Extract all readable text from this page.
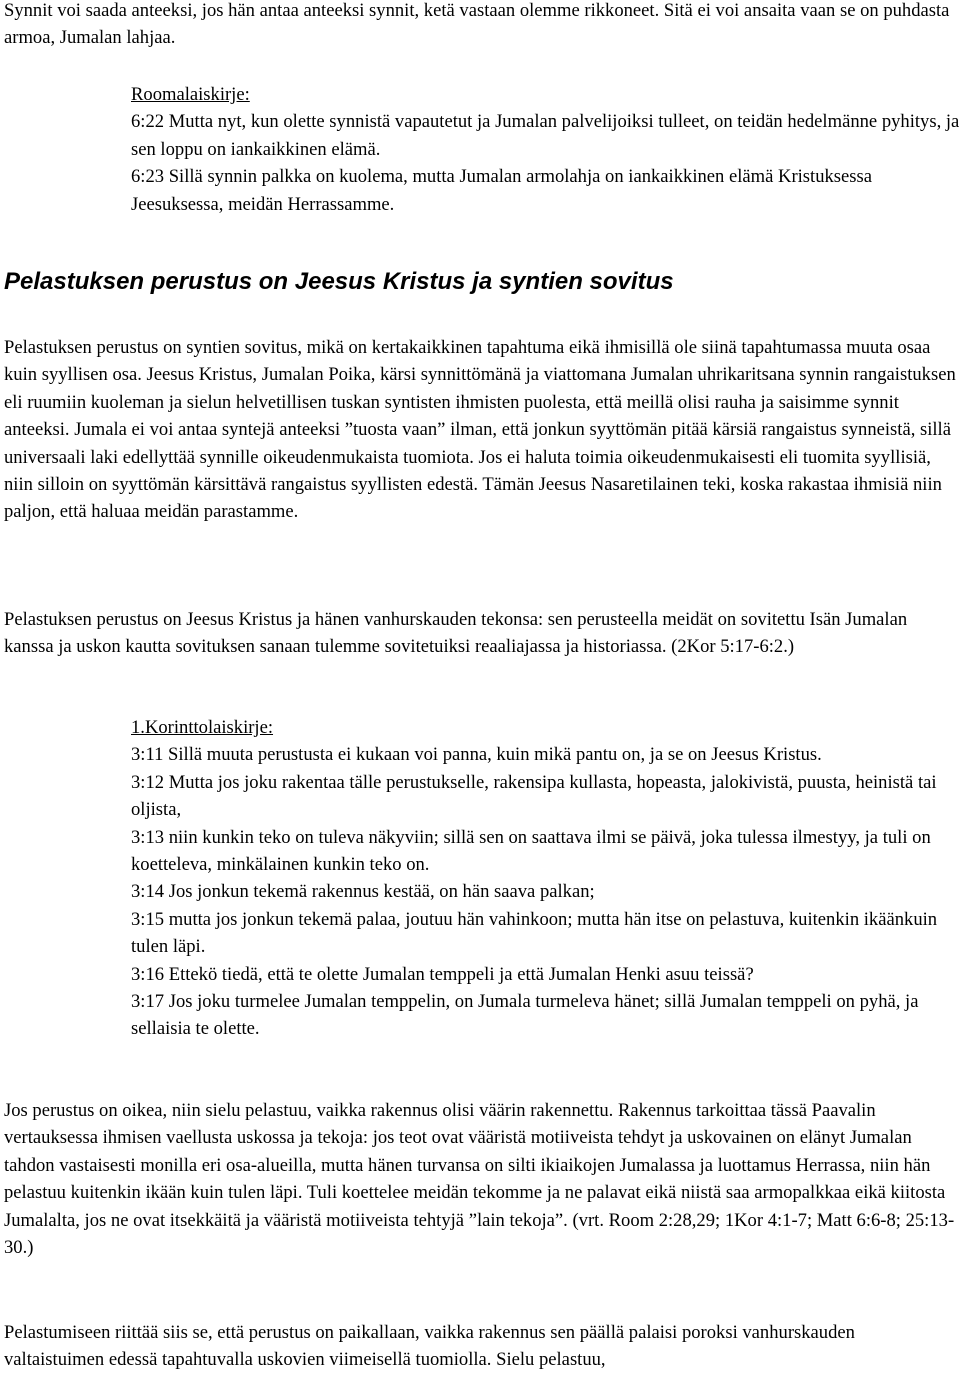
Synnit voi saada anteeksi, jos hän antaa anteeksi synnit, ketä vastaan olemme rikkoneet. Sitä ei voi ansaita vaan se on puhdasta armoa, Jumalan lahjaa.

Roomalaiskirje:

6:22 Mutta nyt, kun olette synnistä vapautetut ja Jumalan palvelijoiksi tulleet, on teidän hedelmänne pyhitys, ja sen loppu on iankaikkinen elämä.

6:23 Sillä synnin palkka on kuolema, mutta Jumalan armolahja on iankaikkinen elämä Kristuksessa Jeesuksessa, meidän Herrassamme.

Pelastuksen perustus on Jeesus Kristus ja syntien sovitus

Pelastuksen perustus on syntien sovitus, mikä on kertakaikkinen tapahtuma eikä ihmisillä ole siinä tapahtumassa muuta osaa kuin syyllisen osa. Jeesus Kristus, Jumalan Poika, kärsi synnittömänä ja viattomana Jumalan uhrikaritsana synnin rangaistuksen eli ruumiin kuoleman ja sielun helvetillisen tuskan syntisten ihmisten puolesta, että meillä olisi rauha ja saisimme synnit anteeksi. Jumala ei voi antaa syntejä anteeksi ”tuosta vaan” ilman, että jonkun syyttömän pitää kärsiä rangaistus synneistä, sillä universaali laki edellyttää synnille oikeudenmukaista tuomiota. Jos ei haluta toimia oikeudenmukaisesti eli tuomita syyllisiä, niin silloin on syyttömän kärsittävä rangaistus syyllisten edestä. Tämän Jeesus Nasaretilainen teki, koska rakastaa ihmisiä niin paljon, että haluaa meidän parastamme.

Pelastuksen perustus on Jeesus Kristus ja hänen vanhurskauden tekonsa: sen perusteella meidät on sovitettu Isän Jumalan kanssa ja uskon kautta sovituksen sanaan tulemme sovitetuiksi reaaliajassa ja historiassa. (2Kor 5:17-6:2.)

1.Korinttolaiskirje:

3:11 Sillä muuta perustusta ei kukaan voi panna, kuin mikä pantu on, ja se on Jeesus Kristus.

3:12 Mutta jos joku rakentaa tälle perustukselle, rakensipa kullasta, hopeasta, jalokivistä, puusta, heinistä tai oljista,

3:13 niin kunkin teko on tuleva näkyviin; sillä sen on saattava ilmi se päivä, joka tulessa ilmestyy, ja tuli on koetteleva, minkälainen kunkin teko on.

3:14 Jos jonkun tekemä rakennus kestää, on hän saava palkan;

3:15 mutta jos jonkun tekemä palaa, joutuu hän vahinkoon; mutta hän itse on pelastuva, kuitenkin ikäänkuin tulen läpi.

3:16 Ettekö tiedä, että te olette Jumalan temppeli ja että Jumalan Henki asuu teissä?

3:17 Jos joku turmelee Jumalan temppelin, on Jumala turmeleva hänet; sillä Jumalan temppeli on pyhä, ja sellaisia te olette.

Jos perustus on oikea, niin sielu pelastuu, vaikka rakennus olisi väärin rakennettu. Rakennus tarkoittaa tässä Paavalin vertauksessa ihmisen vaellusta uskossa ja tekoja: jos teot ovat vääristä motiiveista tehdyt ja uskovainen on elänyt Jumalan tahdon vastaisesti monilla eri osa-alueilla, mutta hänen turvansa on silti ikiaikojen Jumalassa ja luottamus Herrassa, niin hän pelastuu kuitenkin ikään kuin tulen läpi. Tuli koettelee meidän tekomme ja ne palavat eikä niistä saa armopalkkaa eikä kiitosta Jumalalta, jos ne ovat itsekkäitä ja vääristä motiiveista tehtyjä ”lain tekoja”. (vrt. Room 2:28,29; 1Kor 4:1-7; Matt 6:6-8; 25:13-30.)

Pelastumiseen riittää siis se, että perustus on paikallaan, vaikka rakennus sen päällä palaisi poroksi vanhurskauden valtaistuimen edessä tapahtuvalla uskovien viimeisellä tuomiolla. Sielu pelastuu,
